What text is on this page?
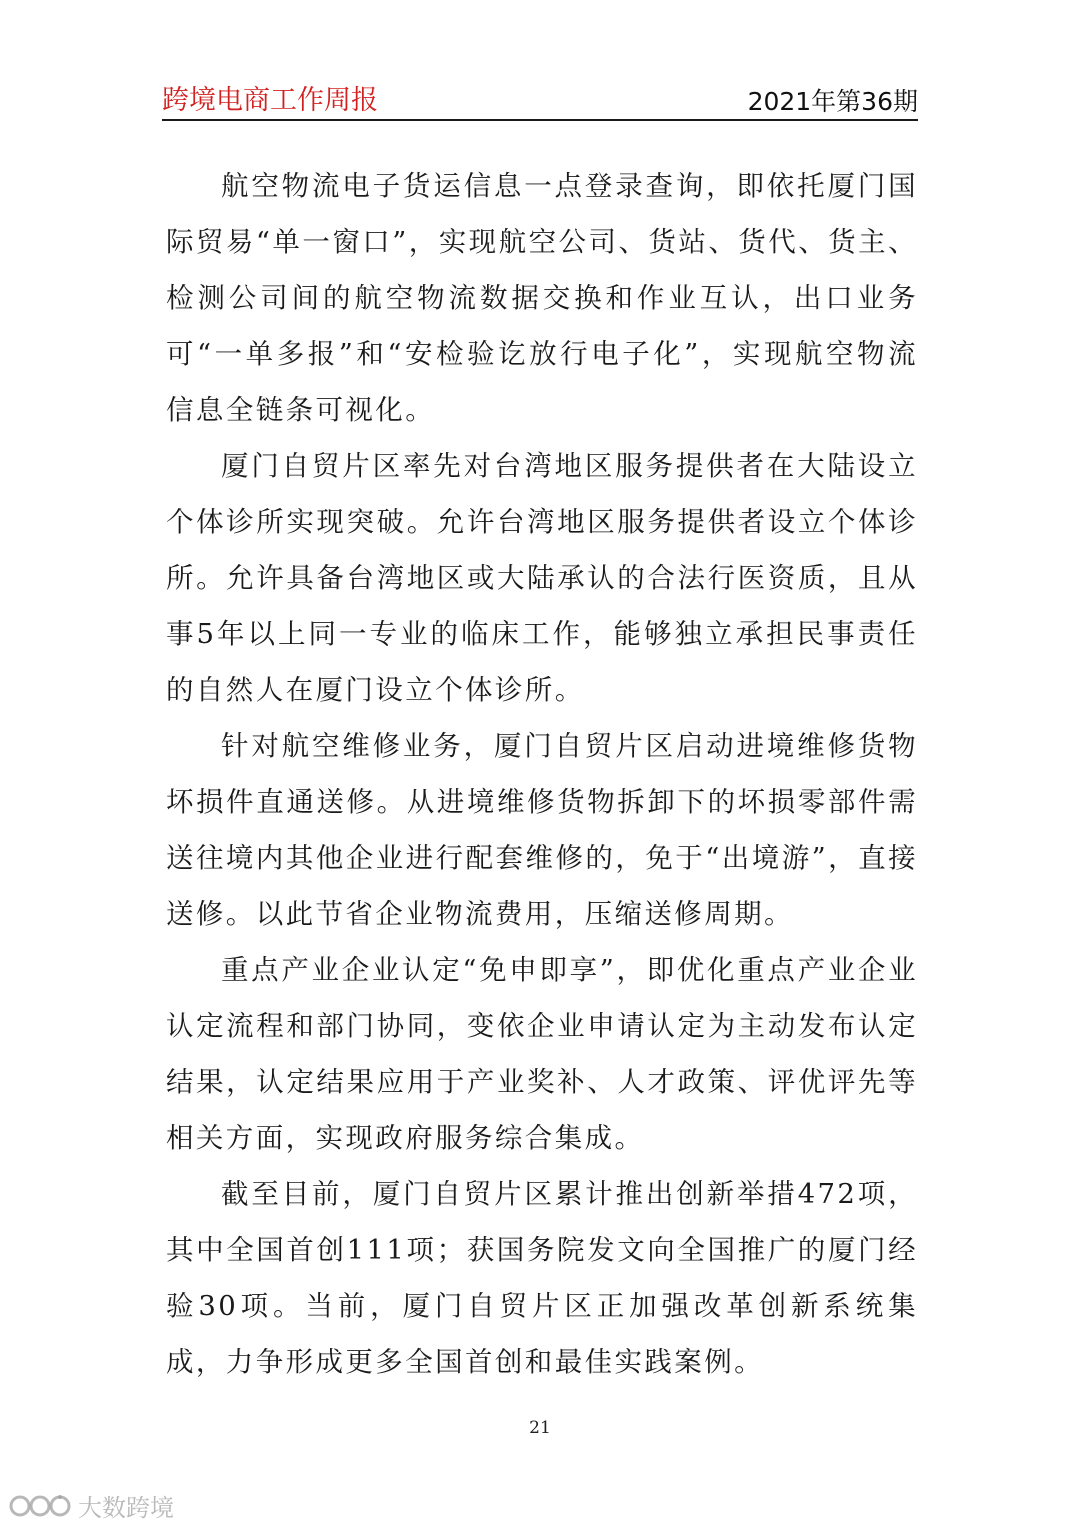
跨境电商工作周报	2021年第36期

航空物流电子货运信息一点登录查询，即依托厦门国际贸易“单一窗口”，实现航空公司、货站、货代、货主、检测公司间的航空物流数据交换和作业互认，出口业务可“一单多报”和“安检验讫放行电子化”，实现航空物流信息全链条可视化。

厦门自贸片区率先对台湾地区服务提供者在大陆设立个体诊所实现突破。允许台湾地区服务提供者设立个体诊所。允许具备台湾地区或大陆承认的合法行医资质，且从事5年以上同一专业的临床工作，能够独立承担民事责任的自然人在厦门设立个体诊所。

针对航空维修业务，厦门自贸片区启动进境维修货物坏损件直通送修。从进境维修货物拆卸下的坏损零部件需送往境内其他企业进行配套维修的，免于“出境游”，直接送修。以此节省企业物流费用，压缩送修周期。

重点产业企业认定“免申即享”，即优化重点产业企业认定流程和部门协同，变依企业申请认定为主动发布认定结果，认定结果应用于产业奖补、人才政策、评优评先等相关方面，实现政府服务综合集成。

截至目前，厦门自贸片区累计推出创新举措472项，其中全国首创111项；获国务院发文向全国推广的厦门经验30项。当前，厦门自贸片区正加强改革创新系统集成，力争形成更多全国首创和最佳实践案例。

21
大数跨境
